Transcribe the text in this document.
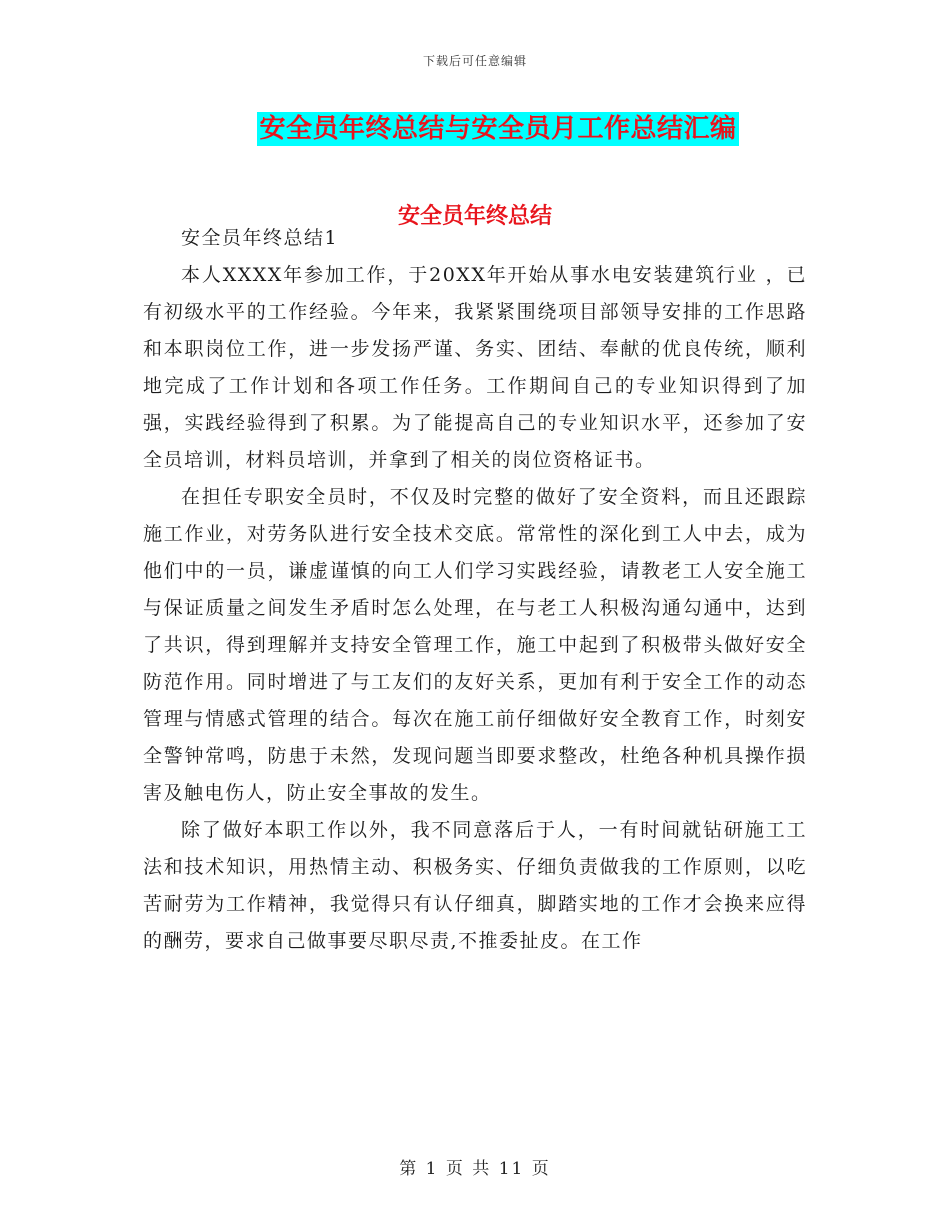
下载后可任意编辑
安全员年终总结与安全员月工作总结汇编
安全员年终总结

安全员年终总结1

本人XXXX年参加工作，于20XX年开始从事水电安装建筑行业 ，已有初级水平的工作经验。今年来，我紧紧围绕项目部领导安排的工作思路和本职岗位工作，进一步发扬严谨、务实、团结、奉献的优良传统，顺利地完成了工作计划和各项工作任务。工作期间自己的专业知识得到了加强，实践经验得到了积累。为了能提高自己的专业知识水平，还参加了安全员培训，材料员培训，并拿到了相关的岗位资格证书。

在担任专职安全员时，不仅及时完整的做好了安全资料，而且还跟踪施工作业，对劳务队进行安全技术交底。常常性的深化到工人中去，成为他们中的一员，谦虚谨慎的向工人们学习实践经验，请教老工人安全施工与保证质量之间发生矛盾时怎么处理，在与老工人积极沟通勾通中，达到了共识，得到理解并支持安全管理工作，施工中起到了积极带头做好安全防范作用。同时增进了与工友们的友好关系，更加有利于安全工作的动态管理与情感式管理的结合。每次在施工前仔细做好安全教育工作，时刻安全警钟常鸣，防患于未然，发现问题当即要求整改，杜绝各种机具操作损害及触电伤人，防止安全事故的发生。

除了做好本职工作以外，我不同意落后于人，一有时间就钻研施工工法和技术知识，用热情主动、积极务实、仔细负责做我的工作原则，以吃苦耐劳为工作精神，我觉得只有认仔细真，脚踏实地的工作才会换来应得的酬劳，要求自己做事要尽职尽责,不推委扯皮。在工作

第 1 页 共 11 页
